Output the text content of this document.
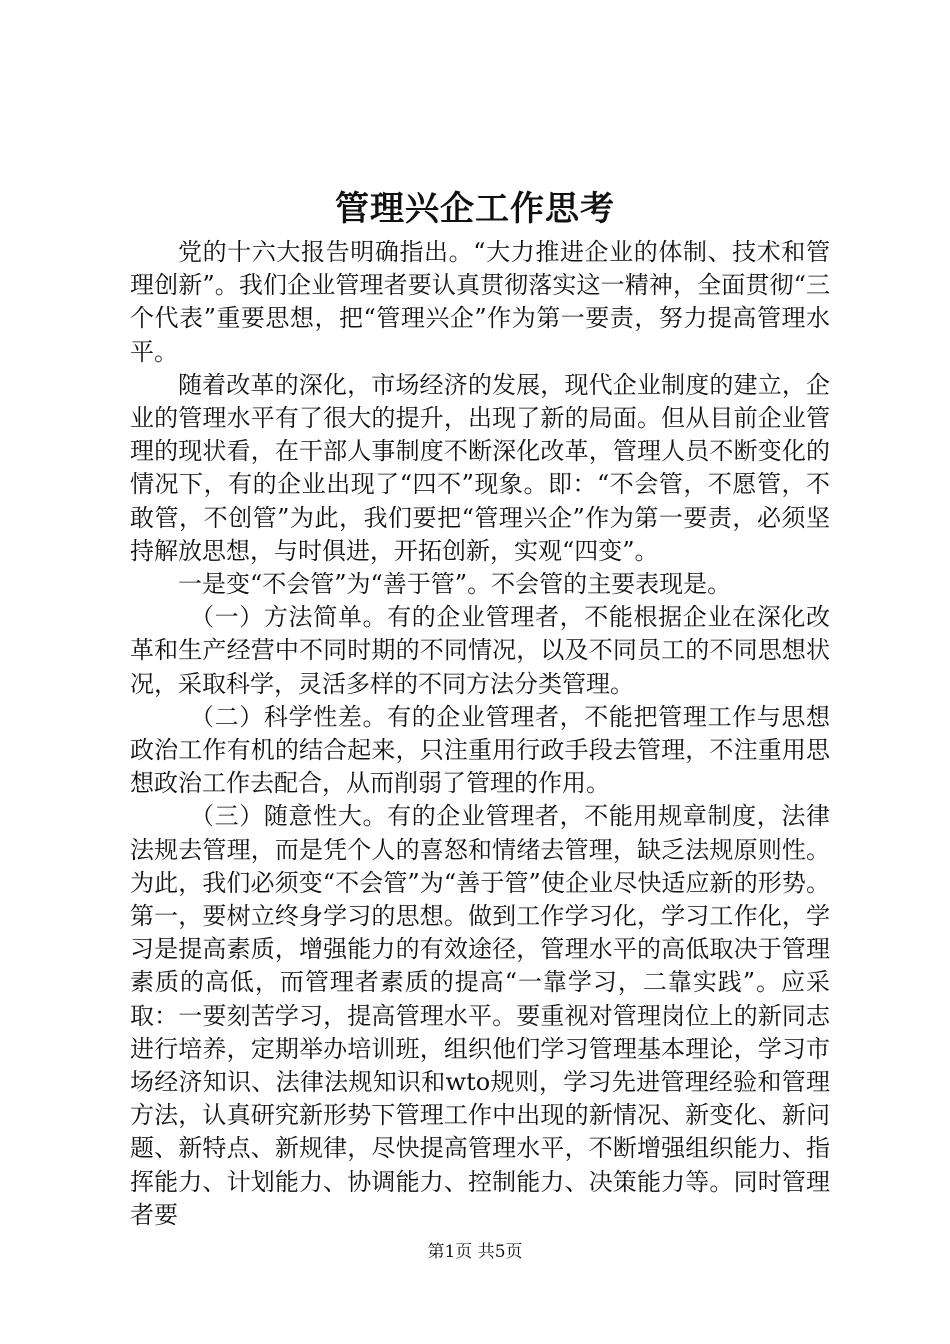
管理兴企工作思考

党的十六大报告明确指出。“大力推进企业的体制、技术和管理创新”。我们企业管理者要认真贯彻落实这一精神，全面贯彻“三个代表”重要思想，把“管理兴企”作为第一要责，努力提高管理水平。

随着改革的深化，市场经济的发展，现代企业制度的建立，企业的管理水平有了很大的提升，出现了新的局面。但从目前企业管理的现状看，在干部人事制度不断深化改革，管理人员不断变化的情况下，有的企业出现了“四不”现象。即：“不会管，不愿管，不敢管，不创管”为此，我们要把“管理兴企”作为第一要责，必须坚持解放思想，与时俱进，开拓创新，实观“四变”。

一是变“不会管”为“善于管”。不会管的主要表现是。

（一）方法简单。有的企业管理者，不能根据企业在深化改革和生产经营中不同时期的不同情况，以及不同员工的不同思想状况，采取科学，灵活多样的不同方法分类管理。

（二）科学性差。有的企业管理者，不能把管理工作与思想政治工作有机的结合起来，只注重用行政手段去管理，不注重用思想政治工作去配合，从而削弱了管理的作用。

（三）随意性大。有的企业管理者，不能用规章制度，法律法规去管理，而是凭个人的喜怒和情绪去管理，缺乏法规原则性。为此，我们必须变“不会管”为“善于管”使企业尽快适应新的形势。第一，要树立终身学习的思想。做到工作学习化，学习工作化，学习是提高素质，增强能力的有效途径，管理水平的高低取决于管理素质的高低，而管理者素质的提高“一靠学习，二靠实践”。应采取：一要刻苦学习，提高管理水平。要重视对管理岗位上的新同志进行培养，定期举办培训班，组织他们学习管理基本理论，学习市场经济知识、法律法规知识和wto规则，学习先进管理经验和管理方法，认真研究新形势下管理工作中出现的新情况、新变化、新问题、新特点、新规律，尽快提高管理水平，不断增强组织能力、指挥能力、计划能力、协调能力、控制能力、决策能力等。同时管理者要

第1页 共5页
